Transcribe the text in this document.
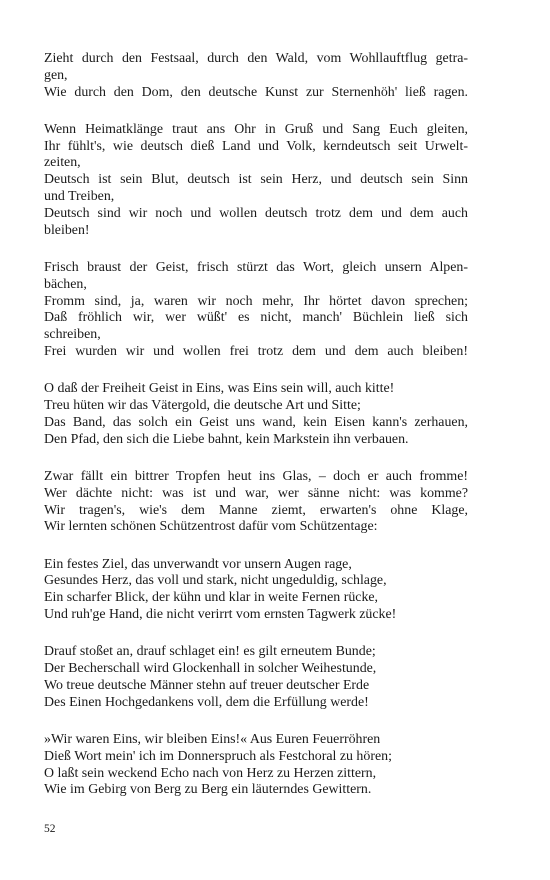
Zieht durch den Festsaal, durch den Wald, vom Wohllauftflug getra-
gen,
Wie durch den Dom, den deutsche Kunst zur Sternenhöh' ließ ragen.
Wenn Heimatklänge traut ans Ohr in Gruß und Sang Euch gleiten,
Ihr fühlt's, wie deutsch dieß Land und Volk, kerndeutsch seit Urwelt-
zeiten,
Deutsch ist sein Blut, deutsch ist sein Herz, und deutsch sein Sinn
und Treiben,
Deutsch sind wir noch und wollen deutsch trotz dem und dem auch
bleiben!
Frisch braust der Geist, frisch stürzt das Wort, gleich unsern Alpen-
bächen,
Fromm sind, ja, waren wir noch mehr, Ihr hörtet davon sprechen;
Daß fröhlich wir, wer wüßt' es nicht, manch' Büchlein ließ sich
schreiben,
Frei wurden wir und wollen frei trotz dem und dem auch bleiben!
O daß der Freiheit Geist in Eins, was Eins sein will, auch kitte!
Treu hüten wir das Vätergold, die deutsche Art und Sitte;
Das Band, das solch ein Geist uns wand, kein Eisen kann's zerhauen,
Den Pfad, den sich die Liebe bahnt, kein Markstein ihn verbauen.
Zwar fällt ein bittrer Tropfen heut ins Glas, – doch er auch fromme!
Wer dächte nicht: was ist und war, wer sänne nicht: was komme?
Wir tragen's, wie's dem Manne ziemt, erwarten's ohne Klage,
Wir lernten schönen Schützentrost dafür vom Schützentage:
Ein festes Ziel, das unverwandt vor unsern Augen rage,
Gesundes Herz, das voll und stark, nicht ungeduldig, schlage,
Ein scharfer Blick, der kühn und klar in weite Fernen rücke,
Und ruh'ge Hand, die nicht verirrt vom ernsten Tagwerk zücke!
Drauf stoßet an, drauf schlaget ein! es gilt erneutem Bunde;
Der Becherschall wird Glockenhall in solcher Weihestunde,
Wo treue deutsche Männer stehn auf treuer deutscher Erde
Des Einen Hochgedankens voll, dem die Erfüllung werde!
»Wir waren Eins, wir bleiben Eins!« Aus Euren Feuerröhren
Dieß Wort mein' ich im Donnerspruch als Festchoral zu hören;
O laßt sein weckend Echo nach von Herz zu Herzen zittern,
Wie im Gebirg von Berg zu Berg ein läuterndes Gewittern.
52
